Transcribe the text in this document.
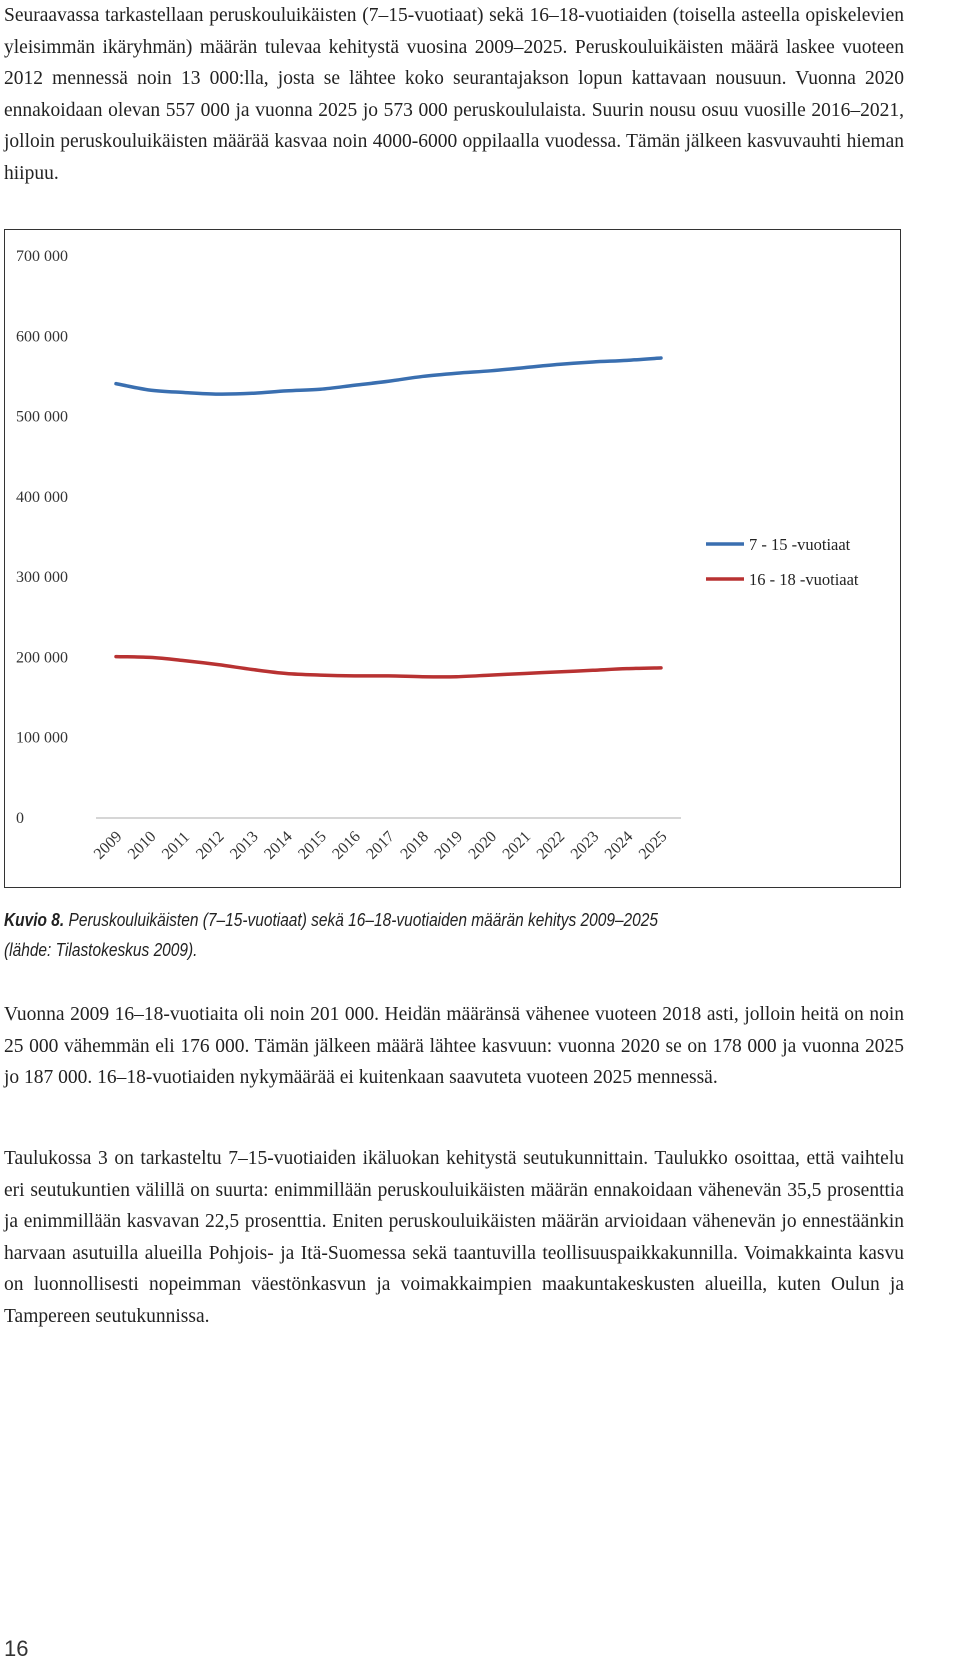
Seuraavassa tarkastellaan peruskouluikäisten (7–15-vuotiaat) sekä 16–18-vuotiaiden (toisella asteella opiskelevien yleisimmän ikäryhmän) määrän tulevaa kehitystä vuosina 2009–2025. Peruskouluikäisten määrä laskee vuoteen 2012 mennessä noin 13 000:lla, josta se lähtee koko seurantajakson lopun kattavaan nousuun. Vuonna 2020 ennakoidaan olevan 557 000 ja vuonna 2025 jo 573 000 peruskoululaista. Suurin nousu osuu vuosille 2016–2021, jolloin peruskouluikäisten määrää kasvaa noin 4000-6000 oppilaalla vuodessa. Tämän jälkeen kasvuvauhti hieman hiipuu.

0
100 000
200 000
300 000
400 000
500 000
600 000
700 000
2009 2010 2011 2012 2013 2014 2015 2016 2017 2018 2019 2020 2021 2022 2023 2024 2025
7 - 15 -vuotiaat
16 - 18 -vuotiaat

Kuvio 8. Peruskouluikäisten (7–15-vuotiaat) sekä 16–18-vuotiaiden määrän kehitys 2009–2025
(lähde: Tilastokeskus 2009).

Vuonna 2009 16–18-vuotiaita oli noin 201 000. Heidän määränsä vähenee vuoteen 2018 asti, jolloin heitä on noin 25 000 vähemmän eli 176 000. Tämän jälkeen määrä lähtee kasvuun: vuonna 2020 se on 178 000 ja vuonna 2025 jo 187 000. 16–18-vuotiaiden nykymäärää ei kuitenkaan saavuteta vuoteen 2025 mennessä.

Taulukossa 3 on tarkasteltu 7–15-vuotiaiden ikäluokan kehitystä seutukunnittain. Taulukko osoittaa, että vaihtelu eri seutukuntien välillä on suurta: enimmillään peruskouluikäisten määrän ennakoidaan vähenevän 35,5 prosenttia ja enimmillään kasvavan 22,5 prosenttia. Eniten peruskouluikäisten määrän arvioidaan vähenevän jo ennestäänkin harvaan asutuilla alueilla Pohjois- ja Itä-Suomessa sekä taantuvilla teollisuuspaikkakunnilla. Voimakkainta kasvu on luonnollisesti nopeimman väestönkasvun ja voimakkaimpien maakuntakeskusten alueilla, kuten Oulun ja Tampereen seutukunnissa.

16
